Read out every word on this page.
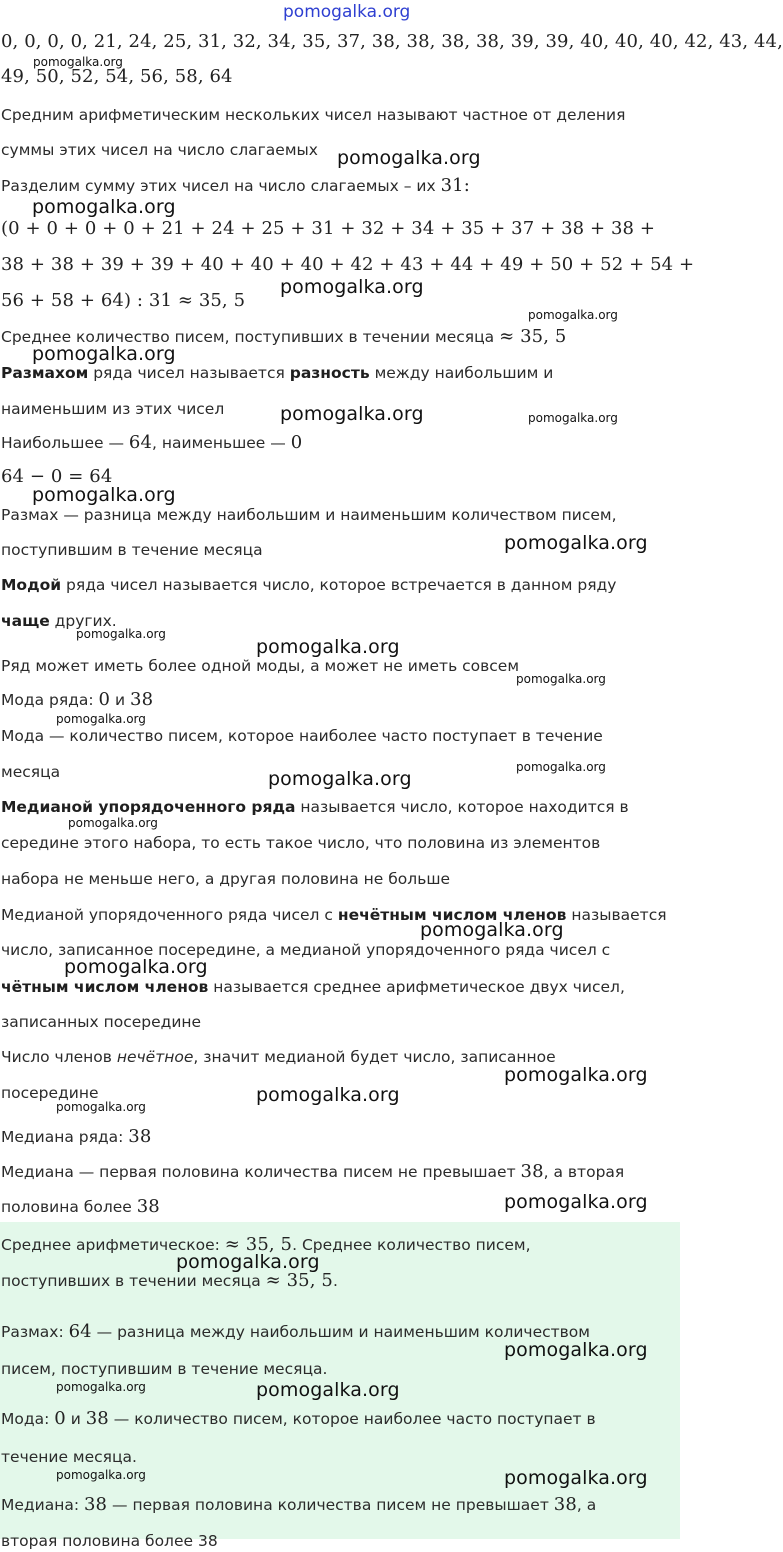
pomogalka.org
0, 0, 0, 0, 21, 24, 25, 31, 32, 34, 35, 37, 38, 38, 38, 38, 39, 39, 40, 40, 40, 42, 43, 44,
49, 50, 52, 54, 56, 58, 64
Средним арифметическим нескольких чисел называют частное от деления
суммы этих чисел на число слагаемых
Разделим сумму этих чисел на число слагаемых – их 31:
(0 + 0 + 0 + 0 + 21 + 24 + 25 + 31 + 32 + 34 + 35 + 37 + 38 + 38 +
38 + 38 + 39 + 39 + 40 + 40 + 40 + 42 + 43 + 44 + 49 + 50 + 52 + 54 +
56 + 58 + 64) : 31 ≈ 35, 5
Среднее количество писем, поступивших в течении месяца ≈ 35, 5
Размахом ряда чисел называется разность между наибольшим и
наименьшим из этих чисел
Наибольшее — 64, наименьшее — 0
64 − 0 = 64
Размах — разница между наибольшим и наименьшим количеством писем,
поступившим в течение месяца
Модой ряда чисел называется число, которое встречается в данном ряду
чаще других.
Ряд может иметь более одной моды, а может не иметь совсем
Мода ряда: 0 и 38
Мода — количество писем, которое наиболее часто поступает в течение
месяца
Медианой упорядоченного ряда называется число, которое находится в
середине этого набора, то есть такое число, что половина из элементов
набора не меньше него, а другая половина не больше
Медианой упорядоченного ряда чисел с нечётным числом членов называется
число, записанное посередине, а медианой упорядоченного ряда чисел с
чётным числом членов называется среднее арифметическое двух чисел,
записанных посередине
Число членов нечётное, значит медианой будет число, записанное
посередине
Медиана ряда: 38
Медиана — первая половина количества писем не превышает 38, а вторая
половина более 38
Среднее арифметическое: ≈ 35, 5. Среднее количество писем,
поступивших в течении месяца ≈ 35, 5.
Размах: 64 — разница между наибольшим и наименьшим количеством
писем, поступившим в течение месяца.
Мода: 0 и 38 — количество писем, которое наиболее часто поступает в
течение месяца.
Медиана: 38 — первая половина количества писем не превышает 38, а
вторая половина более 38
pomogalka.org
pomogalka.org
pomogalka.org
pomogalka.org
pomogalka.org
pomogalka.org
pomogalka.org
pomogalka.org
pomogalka.org
pomogalka.org
pomogalka.org
pomogalka.org
pomogalka.org
pomogalka.org
pomogalka.org
pomogalka.org
pomogalka.org
pomogalka.org
pomogalka.org
pomogalka.org
pomogalka.org
pomogalka.org
pomogalka.org
pomogalka.org
pomogalka.org
pomogalka.org
pomogalka.org
pomogalka.org
pomogalka.org
